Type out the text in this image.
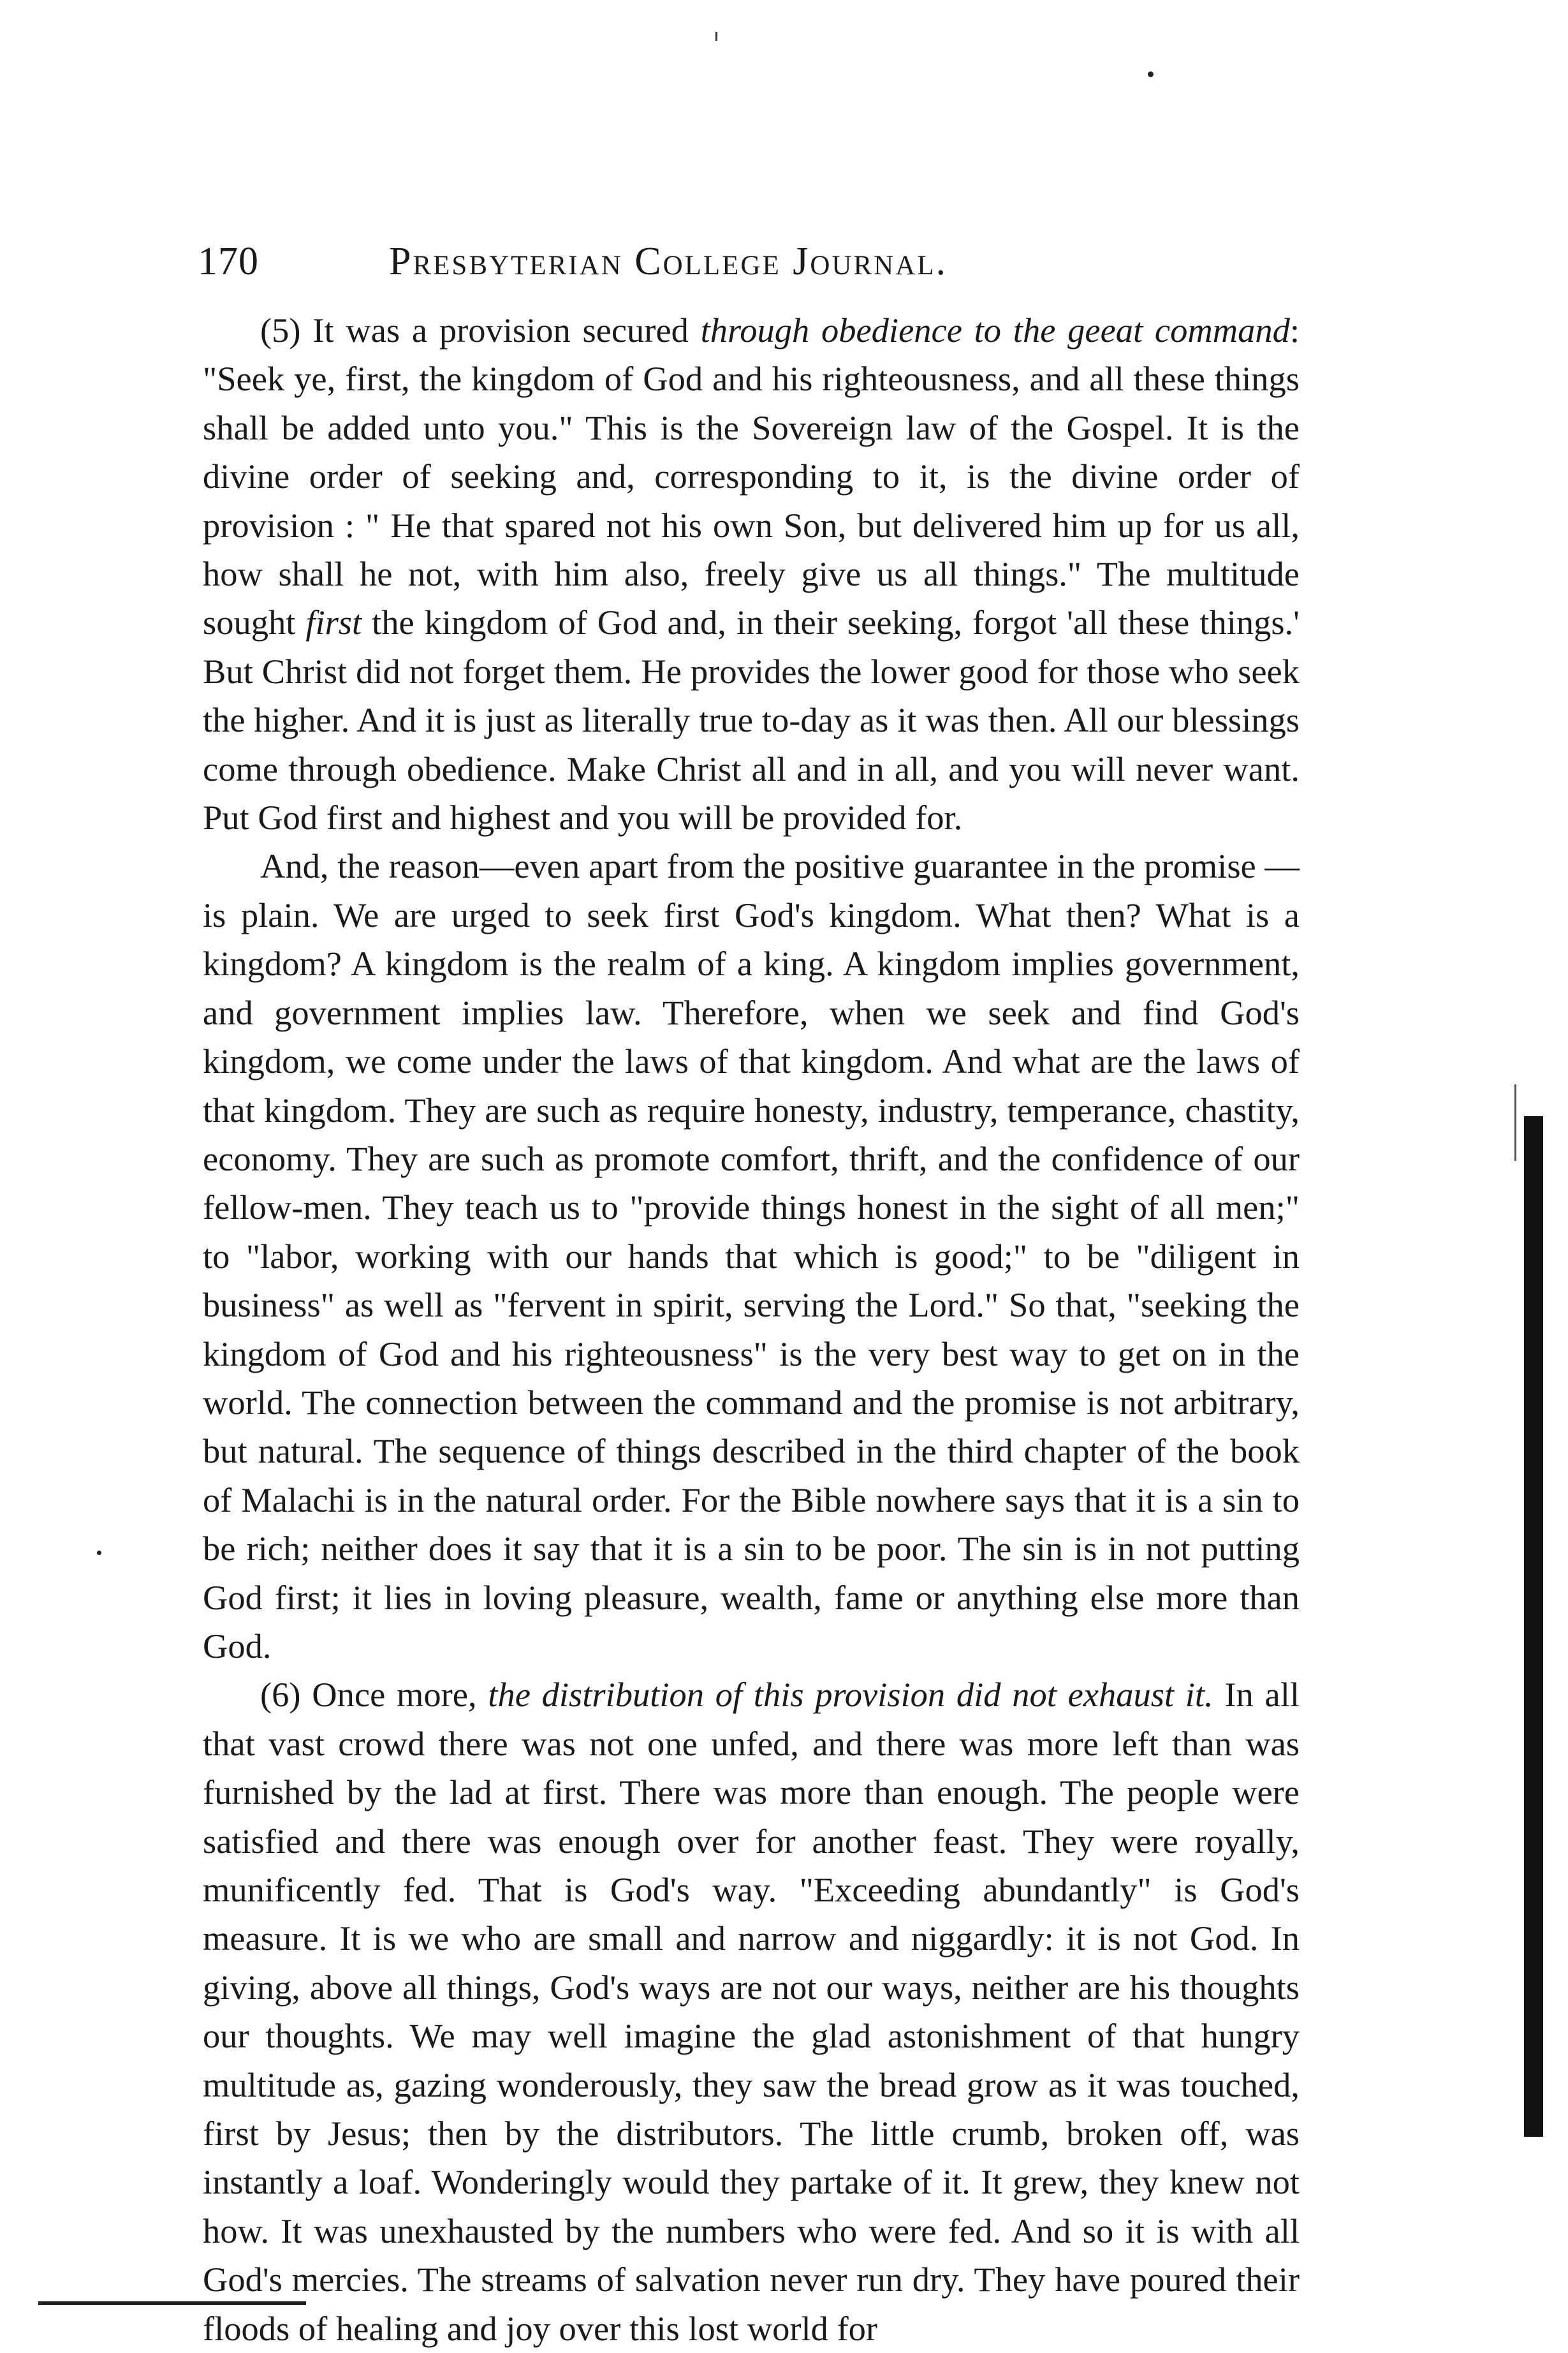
170	Presbyterian College Journal.

(5) It was a provision secured through obedience to the geeat command: "Seek ye, first, the kingdom of God and his righteousness, and all these things shall be added unto you." This is the Sovereign law of the Gospel. It is the divine order of seeking and, corresponding to it, is the divine order of provision : " He that spared not his own Son, but delivered him up for us all, how shall he not, with him also, freely give us all things." The multitude sought first the kingdom of God and, in their seeking, forgot 'all these things.' But Christ did not forget them. He provides the lower good for those who seek the higher. And it is just as literally true to-day as it was then. All our blessings come through obedience. Make Christ all and in all, and you will never want. Put God first and highest and you will be provided for.

And, the reason—even apart from the positive guarantee in the promise —is plain. We are urged to seek first God's kingdom. What then? What is a kingdom? A kingdom is the realm of a king. A kingdom implies government, and government implies law. Therefore, when we seek and find God's kingdom, we come under the laws of that kingdom. And what are the laws of that kingdom. They are such as require honesty, industry, temperance, chastity, economy. They are such as promote comfort, thrift, and the confidence of our fellow-men. They teach us to "provide things honest in the sight of all men;" to "labor, working with our hands that which is good;" to be "diligent in business" as well as "fervent in spirit, serving the Lord." So that, "seeking the kingdom of God and his righteousness" is the very best way to get on in the world. The connection between the command and the promise is not arbitrary, but natural. The sequence of things described in the third chapter of the book of Malachi is in the natural order. For the Bible nowhere says that it is a sin to be rich; neither does it say that it is a sin to be poor. The sin is in not putting God first; it lies in loving pleasure, wealth, fame or anything else more than God.

(6) Once more, the distribution of this provision did not exhaust it. In all that vast crowd there was not one unfed, and there was more left than was furnished by the lad at first. There was more than enough. The people were satisfied and there was enough over for another feast. They were royally, munificently fed. That is God's way. "Exceeding abundantly" is God's measure. It is we who are small and narrow and niggardly: it is not God. In giving, above all things, God's ways are not our ways, neither are his thoughts our thoughts. We may well imagine the glad astonishment of that hungry multitude as, gazing wonderously, they saw the bread grow as it was touched, first by Jesus; then by the distributors. The little crumb, broken off, was instantly a loaf. Wonderingly would they partake of it. It grew, they knew not how. It was unexhausted by the numbers who were fed. And so it is with all God's mercies. The streams of salvation never run dry. They have poured their floods of healing and joy over this lost world for
